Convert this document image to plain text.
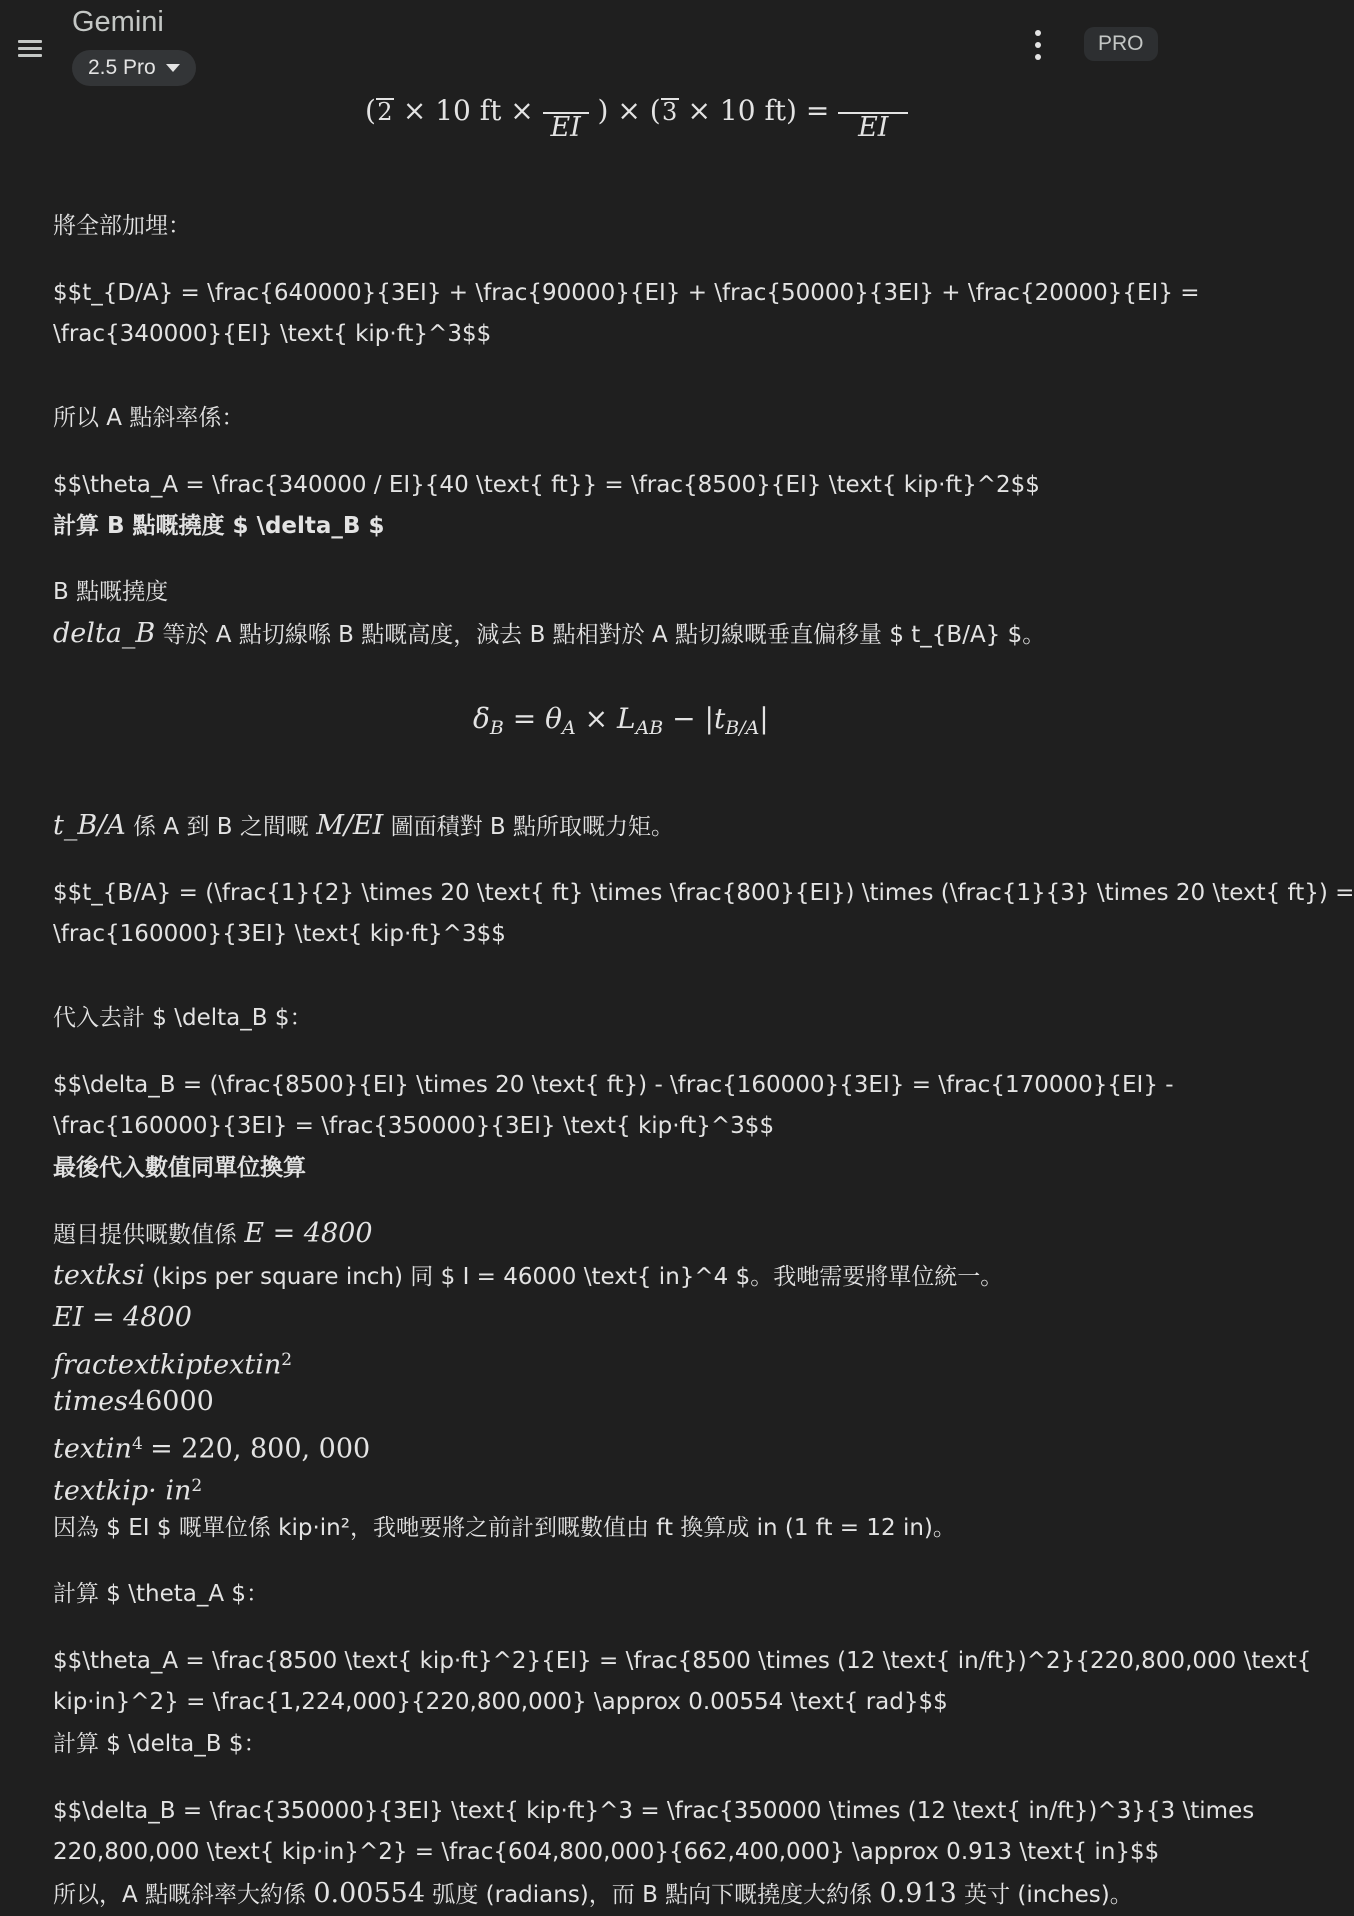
Gemini
2.5 Pro
PRO
( 2 × 10 ft ×
EI
) × ( 3 × 10 ft) =
EI
將全部加埋：
$$t_{D/A} = \frac{640000}{3EI} + \frac{90000}{EI} + \frac{50000}{3EI} + \frac{20000}{EI} =
\frac{340000}{EI} \text{ kip·ft}^3$$
所以 A 點斜率係：
$$\theta_A = \frac{340000 / EI}{40 \text{ ft}} = \frac{8500}{EI} \text{ kip·ft}^2$$
計算 B 點嘅撓度 $ \delta_B $
B 點嘅撓度
delta_B 等於 A 點切線喺 B 點嘅高度，減去 B 點相對於 A 點切線嘅垂直偏移量 $ t_{B/A} $。
$\delta_B = \theta_A \times L_{AB} - |t_{B/A}|$
t_B/A 係 A 到 B 之間嘅 M/EI 圖面積對 B 點所取嘅力矩。
$$t_{B/A} = (\frac{1}{2} \times 20 \text{ ft} \times \frac{800}{EI}) \times (\frac{1}{3} \times 20 \text{ ft}) =
\frac{160000}{3EI} \text{ kip·ft}^3$$
代入去計 $ \delta_B $：
$$\delta_B = (\frac{8500}{EI} \times 20 \text{ ft}) - \frac{160000}{3EI} = \frac{170000}{EI} -
\frac{160000}{3EI} = \frac{350000}{3EI} \text{ kip·ft}^3$$
最後代入數值同單位換算
題目提供嘅數值係 E = 4800
textksi (kips per square inch) 同 $ I = 46000 \text{ in}^4 $。我哋需要將單位統一。
EI = 4800
fractextkiptextin$^2$
times46000
textin$^4$ = 220, 800, 000
textkip· $in^2$
因為 $ EI $ 嘅單位係 kip·in²，我哋要將之前計到嘅數值由 ft 換算成 in (1 ft = 12 in)。
計算 $ \theta_A $：
$$\theta_A = \frac{8500 \text{ kip·ft}^2}{EI} = \frac{8500 \times (12 \text{ in/ft})^2}{220,800,000 \text{
kip·in}^2} = \frac{1,224,000}{220,800,000} \approx 0.00554 \text{ rad}$$
計算 $ \delta_B $：
$$\delta_B = \frac{350000}{3EI} \text{ kip·ft}^3 = \frac{350000 \times (12 \text{ in/ft})^3}{3 \times
220,800,000 \text{ kip·in}^2} = \frac{604,800,000}{662,400,000} \approx 0.913 \text{ in}$$
所以，A 點嘅斜率大約係 0.00554 弧度 (radians)，而 B 點向下嘅撓度大約係 0.913 英寸 (inches)。
